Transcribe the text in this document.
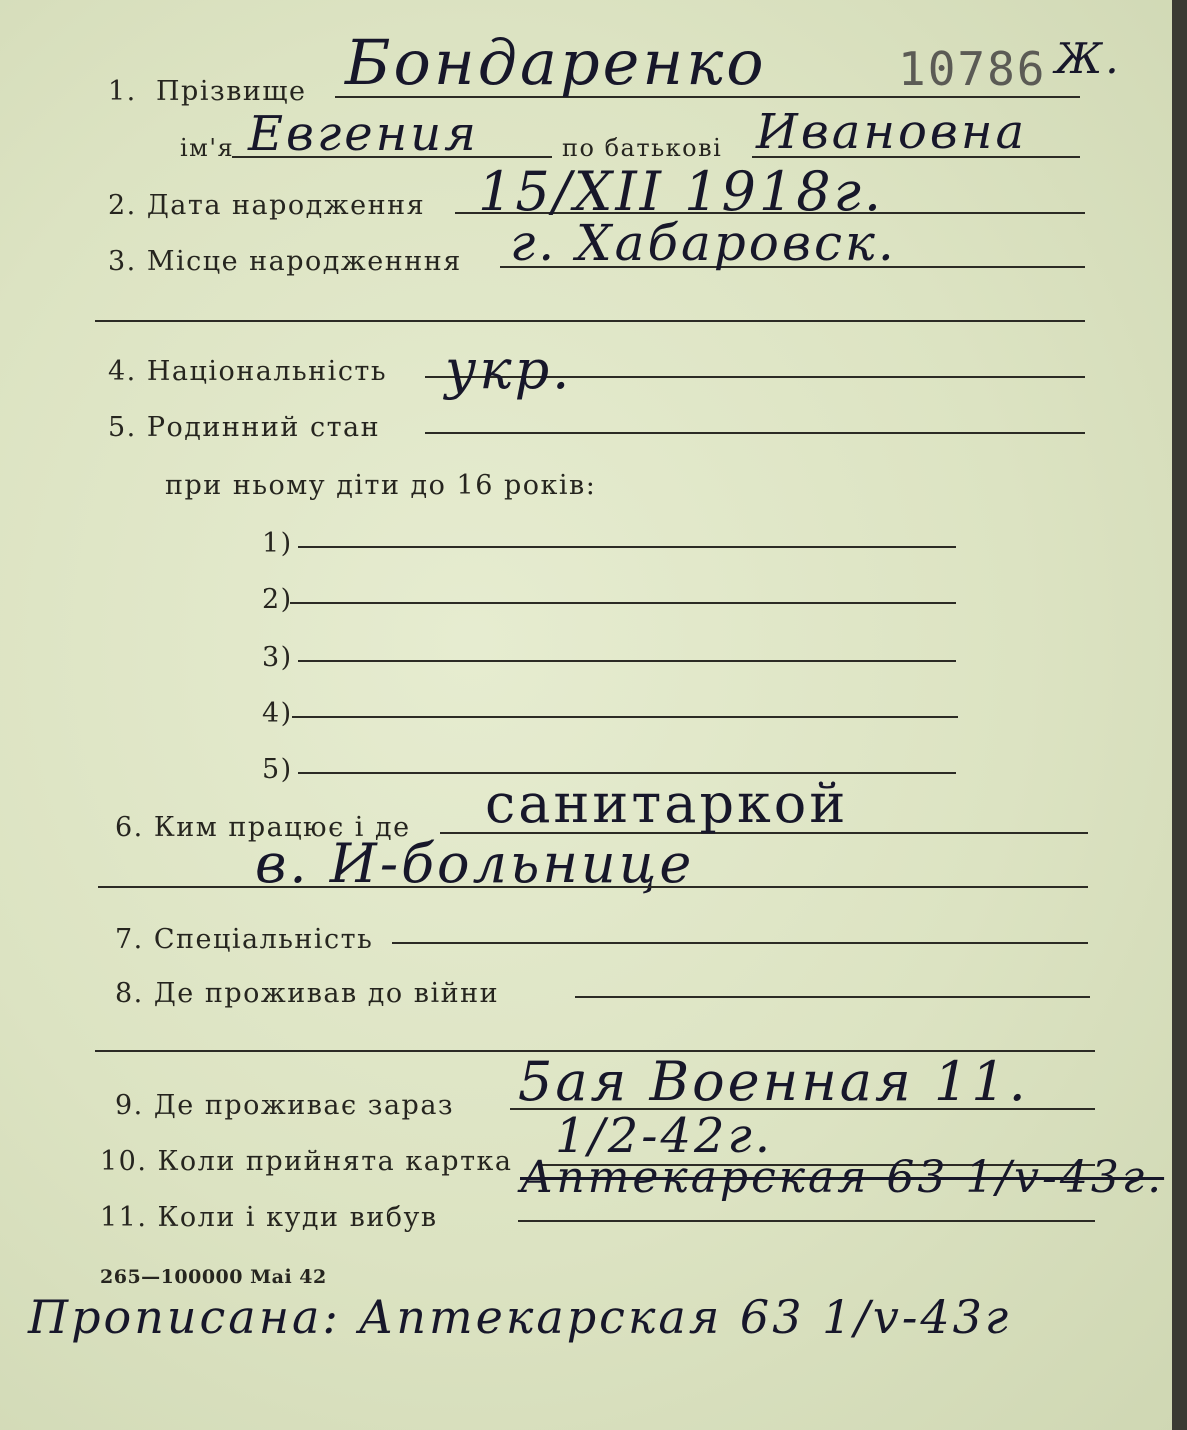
1. Прізвище Бондаренко	10786 Ж.
ім'я Евгения	по батькові Ивановна
2. Дата народження 15/XII 1918г.
3. Місце народженння г. Хабаровск.
4. Національність укр.
5. Родинний стан
при ньому діти до 16 років:
1)
2)
3)
4)
5)
6. Ким працює і де санитаркой
в. И-больнице
7. Спеціальність
8. Де проживав до війни
9. Де проживає зараз 5ая Военная 11.
10. Коли прийнята картка 1/2-42г.
11. Коли і куди вибув
Аптекарская 63 1/v-43г.
265—100000 Mai 42
Прописана: Аптекарская 63 1/v-43г
